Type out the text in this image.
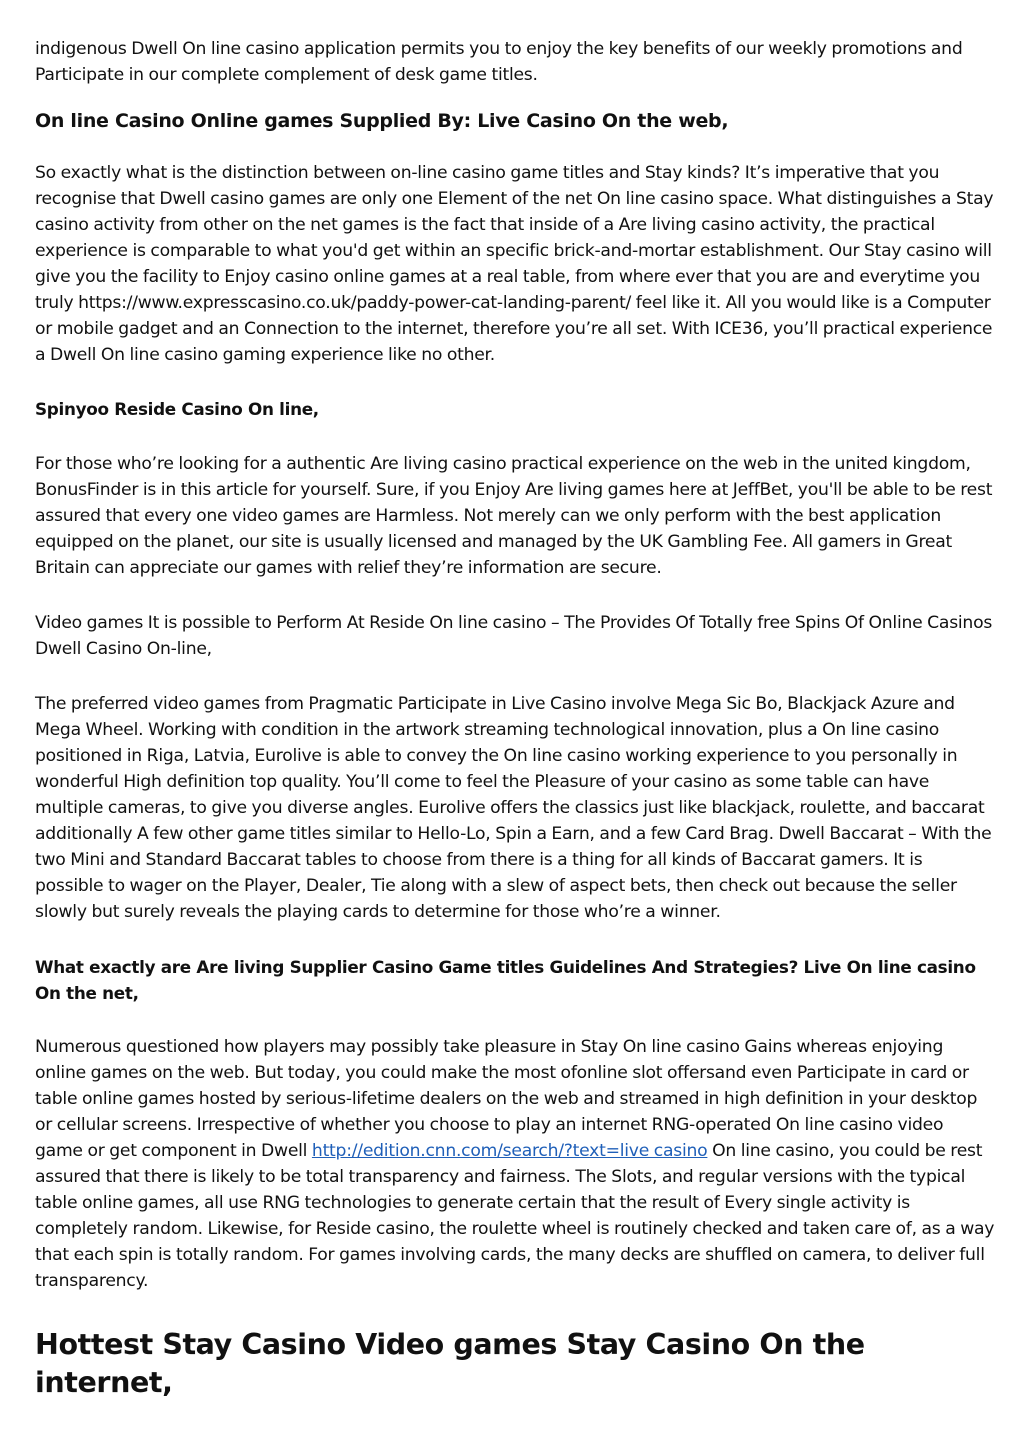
indigenous Dwell On line casino application permits you to enjoy the key benefits of our weekly promotions and Participate in our complete complement of desk game titles.

On line Casino Online games Supplied By: Live Casino On the web,

So exactly what is the distinction between on-line casino game titles and Stay kinds? It’s imperative that you recognise that Dwell casino games are only one Element of the net On line casino space. What distinguishes a Stay casino activity from other on the net games is the fact that inside of a Are living casino activity, the practical experience is comparable to what you'd get within an specific brick-and-mortar establishment. Our Stay casino will give you the facility to Enjoy casino online games at a real table, from where ever that you are and everytime you truly https://www.expresscasino.co.uk/paddy-power-cat-landing-parent/ feel like it. All you would like is a Computer or mobile gadget and an Connection to the internet, therefore you’re all set. With ICE36, you’ll practical experience a Dwell On line casino gaming experience like no other.

Spinyoo Reside Casino On line,

For those who’re looking for a authentic Are living casino practical experience on the web in the united kingdom, BonusFinder is in this article for yourself. Sure, if you Enjoy Are living games here at JeffBet, you'll be able to be rest assured that every one video games are Harmless. Not merely can we only perform with the best application equipped on the planet, our site is usually licensed and managed by the UK Gambling Fee. All gamers in Great Britain can appreciate our games with relief they’re information are secure.

Video games It is possible to Perform At Reside On line casino – The Provides Of Totally free Spins Of Online Casinos Dwell Casino On-line,

The preferred video games from Pragmatic Participate in Live Casino involve Mega Sic Bo, Blackjack Azure and Mega Wheel. Working with condition in the artwork streaming technological innovation, plus a On line casino positioned in Riga, Latvia, Eurolive is able to convey the On line casino working experience to you personally in wonderful High definition top quality. You’ll come to feel the Pleasure of your casino as some table can have multiple cameras, to give you diverse angles. Eurolive offers the classics just like blackjack, roulette, and baccarat additionally A few other game titles similar to Hello-Lo, Spin a Earn, and a few Card Brag. Dwell Baccarat – With the two Mini and Standard Baccarat tables to choose from there is a thing for all kinds of Baccarat gamers. It is possible to wager on the Player, Dealer, Tie along with a slew of aspect bets, then check out because the seller slowly but surely reveals the playing cards to determine for those who’re a winner.

What exactly are Are living Supplier Casino Game titles Guidelines And Strategies? Live On line casino On the net,

Numerous questioned how players may possibly take pleasure in Stay On line casino Gains whereas enjoying online games on the web. But today, you could make the most ofonline slot offersand even Participate in card or table online games hosted by serious-lifetime dealers on the web and streamed in high definition in your desktop or cellular screens. Irrespective of whether you choose to play an internet RNG-operated On line casino video game or get component in Dwell http://edition.cnn.com/search/?text=live casino On line casino, you could be rest assured that there is likely to be total transparency and fairness. The Slots, and regular versions with the typical table online games, all use RNG technologies to generate certain that the result of Every single activity is completely random. Likewise, for Reside casino, the roulette wheel is routinely checked and taken care of, as a way that each spin is totally random. For games involving cards, the many decks are shuffled on camera, to deliver full transparency.

Hottest Stay Casino Video games Stay Casino On the internet,
